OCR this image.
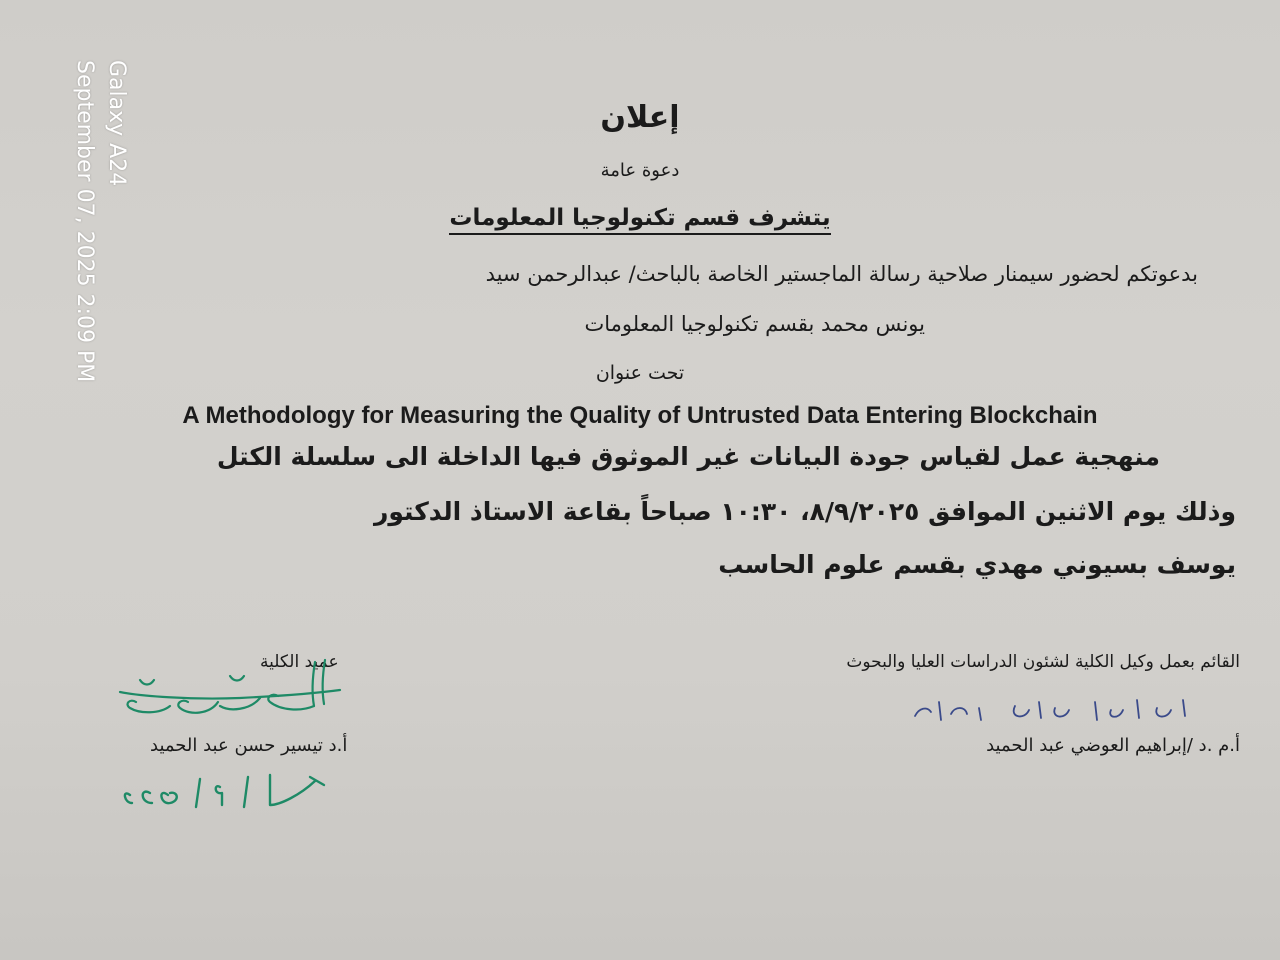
Galaxy A24
September 07, 2025 2:09 PM	إعلان
دعوة عامة
يتشرف قسم تكنولوجيا المعلومات
بدعوتكم لحضور سيمنار صلاحية رسالة الماجستير الخاصة بالباحث/ عبدالرحمن سيد
يونس محمد بقسم تكنولوجيا المعلومات
تحت عنوان
A Methodology for Measuring the Quality of Untrusted Data Entering Blockchain
منهجية عمل لقياس جودة البيانات غير الموثوق فيها الداخلة الى سلسلة الكتل
وذلك يوم الاثنين الموافق ٨/٩/٢٠٢٥، ١٠:٣٠ صباحاً بقاعة الاستاذ الدكتور
يوسف بسيوني مهدي بقسم علوم الحاسب
القائم بعمل وكيل الكلية لشئون الدراسات العليا والبحوث
عميد الكلية
أ.م .د /إبراهيم العوضي عبد الحميد
أ.د تيسير حسن عبد الحميد
